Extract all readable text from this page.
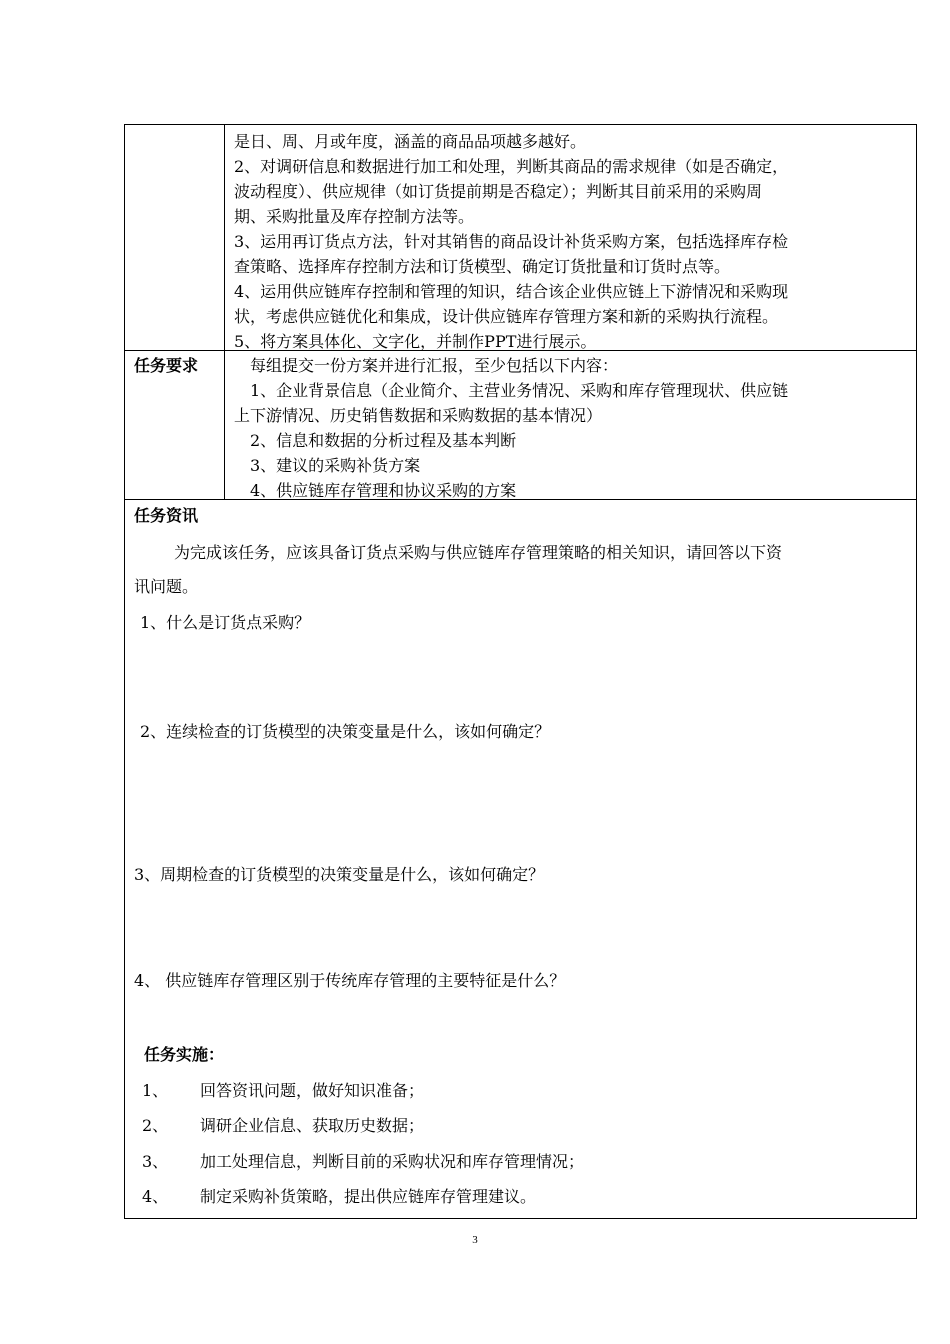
是日、周、月或年度，涵盖的商品品项越多越好。
2、对调研信息和数据进行加工和处理，判断其商品的需求规律（如是否确定，
波动程度）、供应规律（如订货提前期是否稳定）；判断其目前采用的采购周
期、采购批量及库存控制方法等。
3、运用再订货点方法，针对其销售的商品设计补货采购方案，包括选择库存检
查策略、选择库存控制方法和订货模型、确定订货批量和订货时点等。
4、运用供应链库存控制和管理的知识，结合该企业供应链上下游情况和采购现
状，考虑供应链优化和集成，设计供应链库存管理方案和新的采购执行流程。
5、将方案具体化、文字化，并制作PPT进行展示。
任务要求	每组提交一份方案并进行汇报，至少包括以下内容：
1、企业背景信息（企业简介、主营业务情况、采购和库存管理现状、供应链
上下游情况、历史销售数据和采购数据的基本情况）
2、信息和数据的分析过程及基本判断
3、建议的采购补货方案
4、供应链库存管理和协议采购的方案
任务资讯
为完成该任务，应该具备订货点采购与供应链库存管理策略的相关知识，请回答以下资
讯问题。
1、什么是订货点采购？
2、连续检查的订货模型的决策变量是什么，该如何确定？
3、周期检查的订货模型的决策变量是什么，该如何确定？
4、 供应链库存管理区别于传统库存管理的主要特征是什么？
任务实施：
1、 回答资讯问题，做好知识准备；
2、 调研企业信息、获取历史数据；
3、 加工处理信息，判断目前的采购状况和库存管理情况；
4、 制定采购补货策略，提出供应链库存管理建议。
3
